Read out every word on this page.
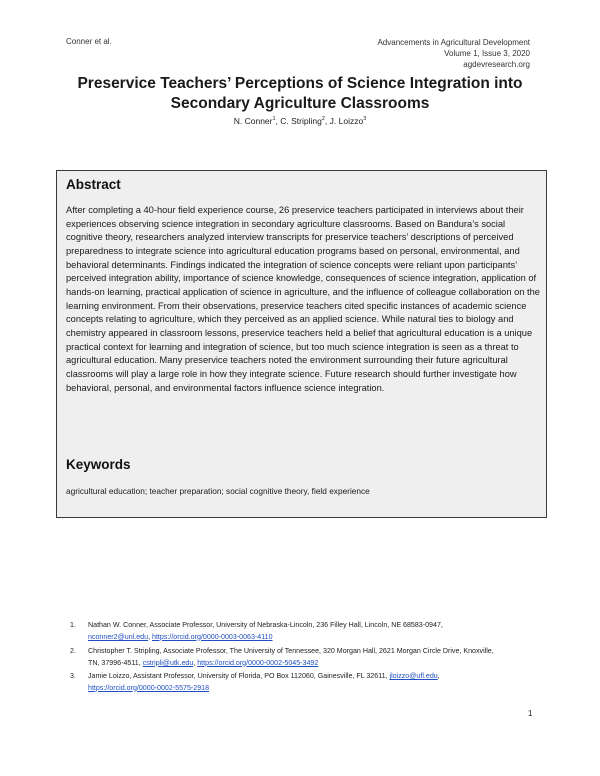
Conner et al.	Advancements in Agricultural Development
Volume 1, Issue 3, 2020
agdevresearch.org
Preservice Teachers’ Perceptions of Science Integration into
Secondary Agriculture Classrooms
N. Conner$^1$, C. Stripling$^2$, J. Loizzo$^3$
Abstract

After completing a 40-hour field experience course, 26 preservice teachers participated in interviews about their experiences observing science integration in secondary agriculture classrooms. Based on Bandura’s social cognitive theory, researchers analyzed interview transcripts for preservice teachers’ descriptions of perceived preparedness to integrate science into agricultural education programs based on personal, environmental, and behavioral determinants. Findings indicated the integration of science concepts were reliant upon participants’ perceived integration ability, importance of science knowledge, consequences of science integration, application of hands-on learning, practical application of science in agriculture, and the influence of colleague collaboration on the learning environment. From their observations, preservice teachers cited specific instances of academic science concepts relating to agriculture, which they perceived as an applied science. While natural ties to biology and chemistry appeared in classroom lessons, preservice teachers held a belief that agricultural education is a unique practical context for learning and integration of science, but too much science integration is seen as a threat to agricultural education. Many preservice teachers noted the environment surrounding their future agricultural classrooms will play a large role in how they integrate science. Future research should further investigate how behavioral, personal, and environmental factors influence science integration.

Keywords

agricultural education; teacher preparation; social cognitive theory, field experience

1. Nathan W. Conner, Associate Professor, University of Nebraska-Lincoln, 236 Filley Hall, Lincoln, NE 68583-0947, nconner2@unl.edu, https://orcid.org/0000-0003-0063-4110
2. Christopher T. Stripling, Associate Professor, The University of Tennessee, 320 Morgan Hall, 2621 Morgan Circle Drive, Knoxville, TN, 37996-4511, cstripli@utk.edu, https://orcid.org/0000-0002-5045-3492
3. Jamie Loizzo, Assistant Professor, University of Florida, PO Box 112060, Gainesville, FL 32611, jloizzo@ufl.edu, https://orcid.org/0000-0002-5575-2918
1
